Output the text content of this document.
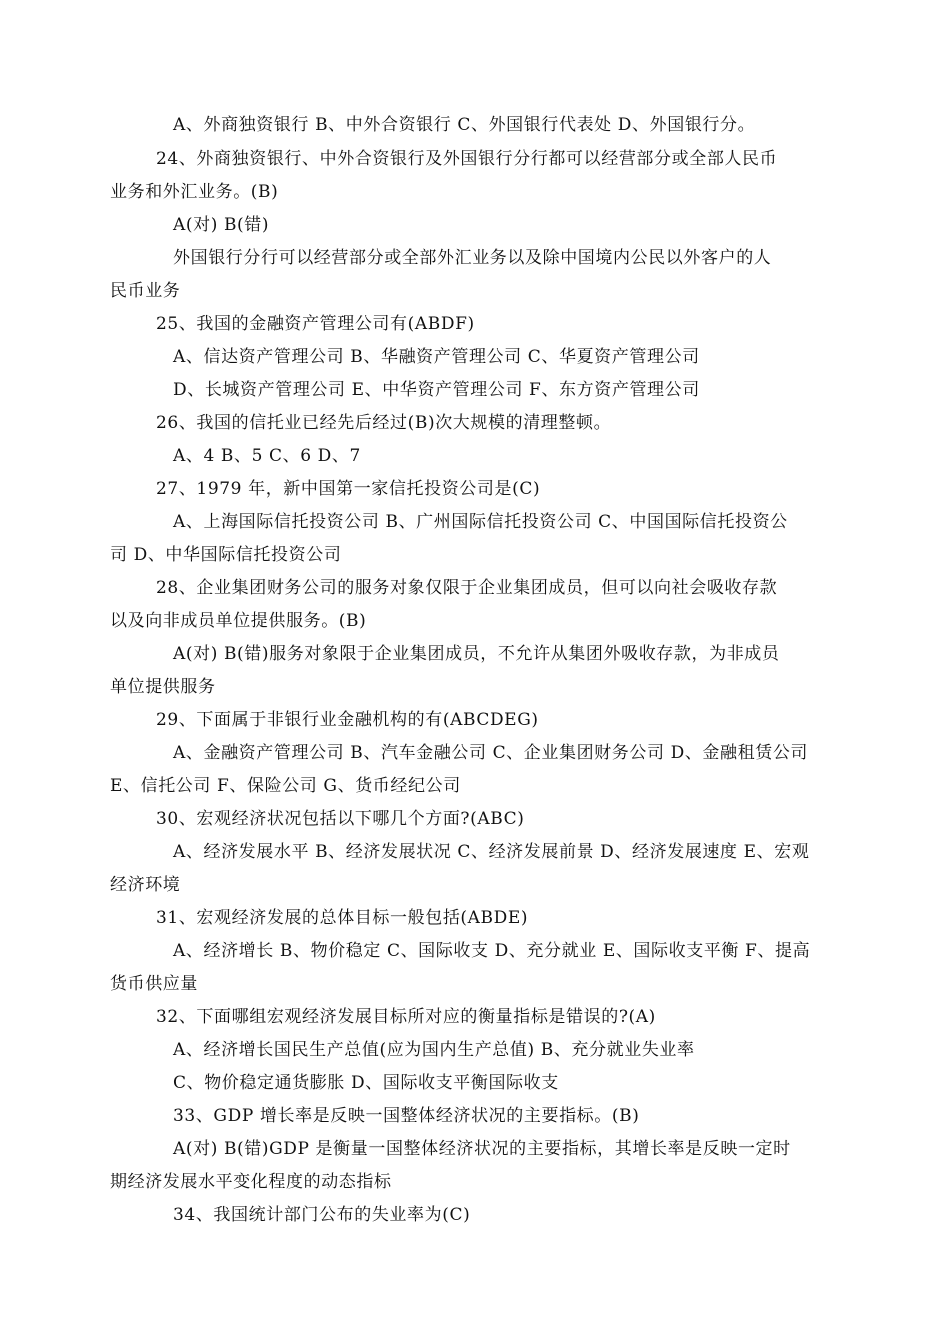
A、外商独资银行 B、中外合资银行 C、外国银行代表处 D、外国银行分。
24、外商独资银行、中外合资银行及外国银行分行都可以经营部分或全部人民币
业务和外汇业务。(B)
A(对) B(错)
外国银行分行可以经营部分或全部外汇业务以及除中国境内公民以外客户的人
民币业务
25、我国的金融资产管理公司有(ABDF)
A、信达资产管理公司 B、华融资产管理公司 C、华夏资产管理公司
D、长城资产管理公司 E、中华资产管理公司 F、东方资产管理公司
26、我国的信托业已经先后经过(B)次大规模的清理整顿。
A、4 B、5 C、6 D、7
27、1979 年，新中国第一家信托投资公司是(C)
A、上海国际信托投资公司 B、广州国际信托投资公司 C、中国国际信托投资公
司 D、中华国际信托投资公司
28、企业集团财务公司的服务对象仅限于企业集团成员，但可以向社会吸收存款
以及向非成员单位提供服务。(B)
A(对) B(错)服务对象限于企业集团成员，不允许从集团外吸收存款，为非成员
单位提供服务
29、下面属于非银行业金融机构的有(ABCDEG)
A、金融资产管理公司 B、汽车金融公司 C、企业集团财务公司 D、金融租赁公司
E、信托公司 F、保险公司 G、货币经纪公司
30、宏观经济状况包括以下哪几个方面?(ABC)
A、经济发展水平 B、经济发展状况 C、经济发展前景 D、经济发展速度 E、宏观
经济环境
31、宏观经济发展的总体目标一般包括(ABDE)
A、经济增长 B、物价稳定 C、国际收支 D、充分就业 E、国际收支平衡 F、提高
货币供应量
32、下面哪组宏观经济发展目标所对应的衡量指标是错误的?(A)
A、经济增长国民生产总值(应为国内生产总值) B、充分就业失业率
C、物价稳定通货膨胀 D、国际收支平衡国际收支
33、GDP 增长率是反映一国整体经济状况的主要指标。(B)
A(对) B(错)GDP 是衡量一国整体经济状况的主要指标，其增长率是反映一定时
期经济发展水平变化程度的动态指标
34、我国统计部门公布的失业率为(C)
